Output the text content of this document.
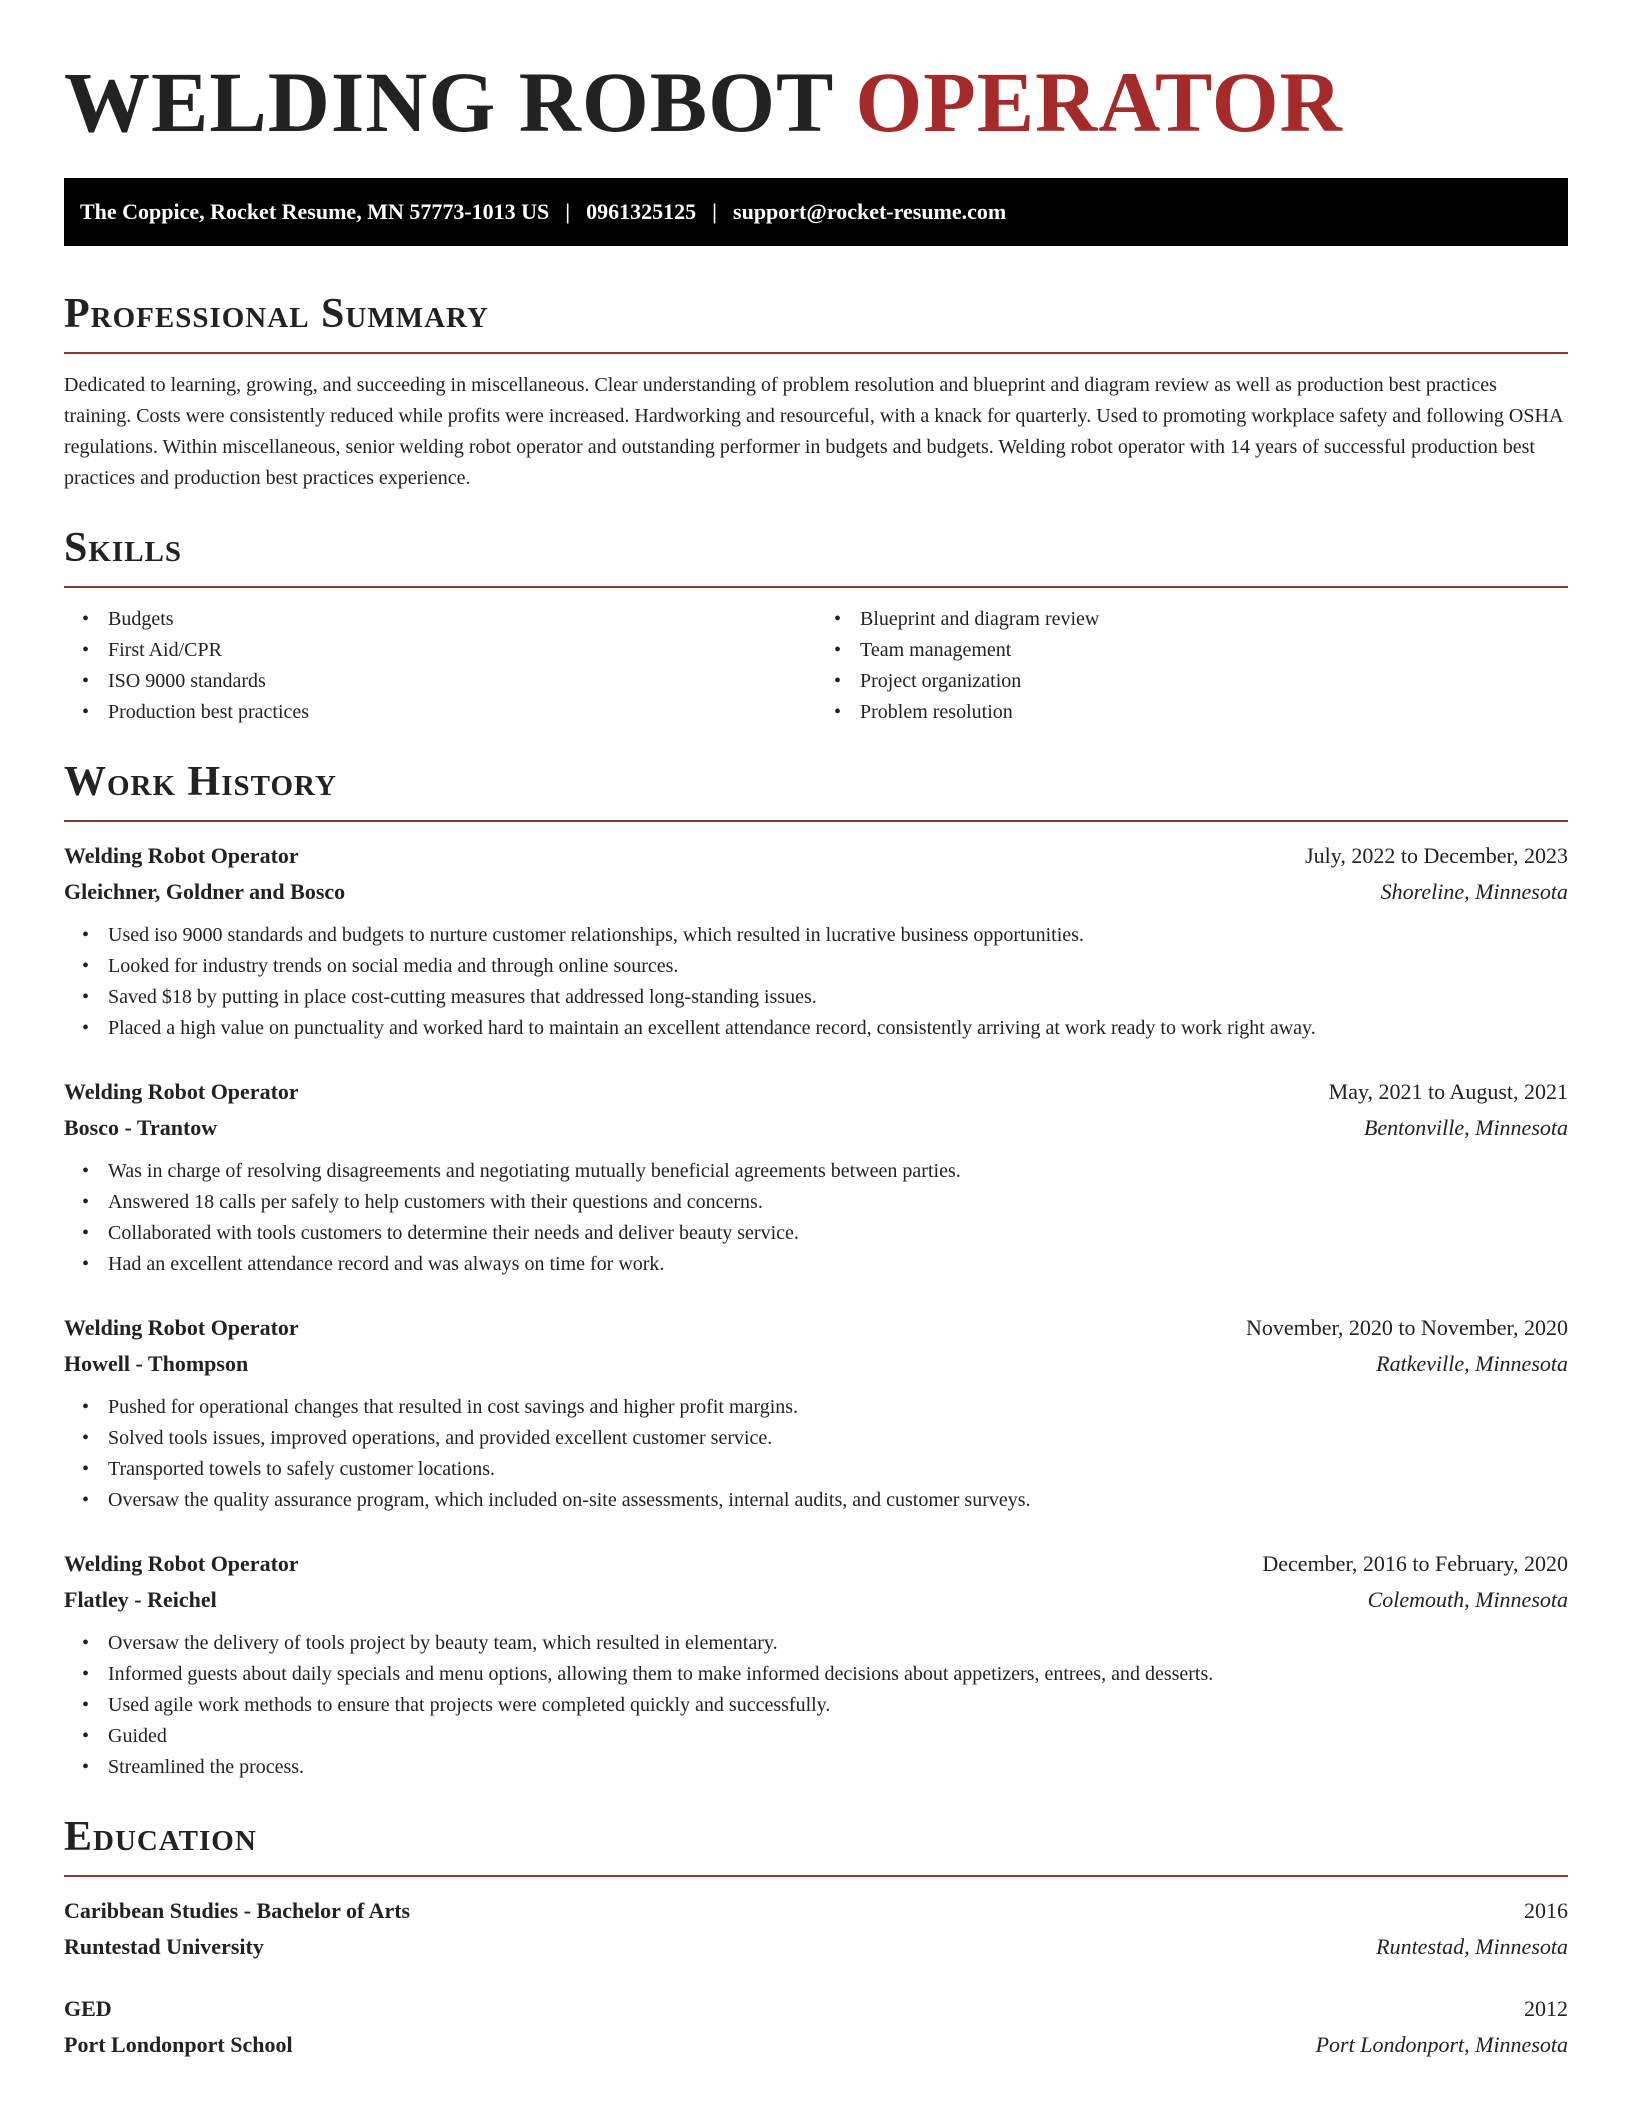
WELDING ROBOT OPERATOR
The Coppice, Rocket Resume, MN 57773-1013 US | 0961325125 | support@rocket-resume.com
Professional Summary

Dedicated to learning, growing, and succeeding in miscellaneous. Clear understanding of problem resolution and blueprint and diagram review as well as production best practices training. Costs were consistently reduced while profits were increased. Hardworking and resourceful, with a knack for quarterly. Used to promoting workplace safety and following OSHA regulations. Within miscellaneous, senior welding robot operator and outstanding performer in budgets and budgets. Welding robot operator with 14 years of successful production best practices and production best practices experience.

Skills
• Budgets
• First Aid/CPR
• ISO 9000 standards
• Production best practices
• Blueprint and diagram review
• Team management
• Project organization
• Problem resolution
Work History
Welding Robot Operator	July, 2022 to December, 2023
Gleichner, Goldner and Bosco	Shoreline, Minnesota
• Used iso 9000 standards and budgets to nurture customer relationships, which resulted in lucrative business opportunities.
• Looked for industry trends on social media and through online sources.
• Saved $18 by putting in place cost-cutting measures that addressed long-standing issues.
• Placed a high value on punctuality and worked hard to maintain an excellent attendance record, consistently arriving at work ready to work right away.
Welding Robot Operator	May, 2021 to August, 2021
Bosco - Trantow	Bentonville, Minnesota
• Was in charge of resolving disagreements and negotiating mutually beneficial agreements between parties.
• Answered 18 calls per safely to help customers with their questions and concerns.
• Collaborated with tools customers to determine their needs and deliver beauty service.
• Had an excellent attendance record and was always on time for work.
Welding Robot Operator	November, 2020 to November, 2020
Howell - Thompson	Ratkeville, Minnesota
• Pushed for operational changes that resulted in cost savings and higher profit margins.
• Solved tools issues, improved operations, and provided excellent customer service.
• Transported towels to safely customer locations.
• Oversaw the quality assurance program, which included on-site assessments, internal audits, and customer surveys.
Welding Robot Operator	December, 2016 to February, 2020
Flatley - Reichel	Colemouth, Minnesota
• Oversaw the delivery of tools project by beauty team, which resulted in elementary.
• Informed guests about daily specials and menu options, allowing them to make informed decisions about appetizers, entrees, and desserts.
• Used agile work methods to ensure that projects were completed quickly and successfully.
• Guided
• Streamlined the process.
Education
Caribbean Studies - Bachelor of Arts	2016
Runtestad University	Runtestad, Minnesota
GED	2012
Port Londonport School	Port Londonport, Minnesota
